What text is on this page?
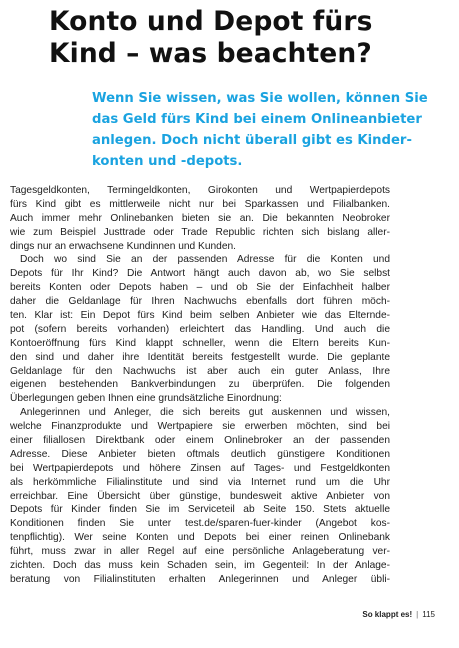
Konto und Depot fürs
Kind – was beachten?
Wenn Sie wissen, was Sie wollen, können Sie
das Geld fürs Kind bei einem Onlineanbieter
anlegen. Doch nicht überall gibt es Kinder-
konten und -depots.
Tagesgeldkonten, Termingeldkonten, Girokonten und Wertpapierdepots
fürs Kind gibt es mittlerweile nicht nur bei Sparkassen und Filialbanken.
Auch immer mehr Onlinebanken bieten sie an. Die bekannten Neobroker
wie zum Beispiel Justtrade oder Trade Republic richten sich bislang aller-
dings nur an erwachsene Kundinnen und Kunden.
Doch wo sind Sie an der passenden Adresse für die Konten und
Depots für Ihr Kind? Die Antwort hängt auch davon ab, wo Sie selbst
bereits Konten oder Depots haben – und ob Sie der Einfachheit halber
daher die Geldanlage für Ihren Nachwuchs ebenfalls dort führen möch-
ten. Klar ist: Ein Depot fürs Kind beim selben Anbieter wie das Elternde-
pot (sofern bereits vorhanden) erleichtert das Handling. Und auch die
Kontoeröffnung fürs Kind klappt schneller, wenn die Eltern bereits Kun-
den sind und daher ihre Identität bereits festgestellt wurde. Die geplante
Geldanlage für den Nachwuchs ist aber auch ein guter Anlass, Ihre
eigenen bestehenden Bankverbindungen zu überprüfen. Die folgenden
Überlegungen geben Ihnen eine grundsätzliche Einordnung:
Anlegerinnen und Anleger, die sich bereits gut auskennen und wissen,
welche Finanzprodukte und Wertpapiere sie erwerben möchten, sind bei
einer filiallosen Direktbank oder einem Onlinebroker an der passenden
Adresse. Diese Anbieter bieten oftmals deutlich günstigere Konditionen
bei Wertpapierdepots und höhere Zinsen auf Tages- und Festgeldkonten
als herkömmliche Filialinstitute und sind via Internet rund um die Uhr
erreichbar. Eine Übersicht über günstige, bundesweit aktive Anbieter von
Depots für Kinder finden Sie im Serviceteil ab Seite 150. Stets aktuelle
Konditionen finden Sie unter test.de/sparen-fuer-kinder (Angebot kos-
tenpflichtig). Wer seine Konten und Depots bei einer reinen Onlinebank
führt, muss zwar in aller Regel auf eine persönliche Anlageberatung ver-
zichten. Doch das muss kein Schaden sein, im Gegenteil: In der Anlage-
beratung von Filialinstituten erhalten Anlegerinnen und Anleger übli-
So klappt es! | 115
